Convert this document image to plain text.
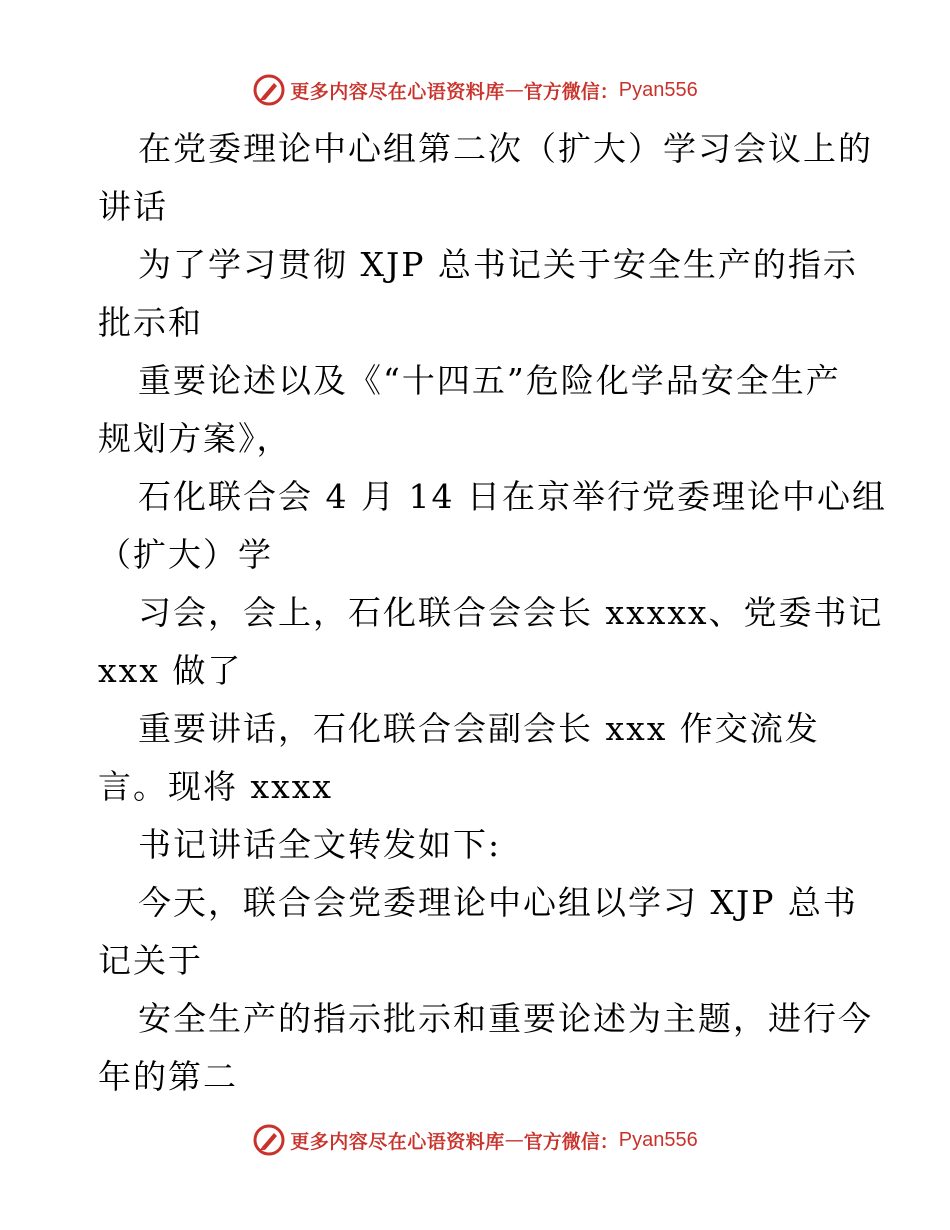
更多内容尽在心语资料库 — 官方微信： Pyan556
在党委理论中心组第二次（扩大）学习会议上的
讲话
为了学习贯彻 XJP 总书记关于安全生产的指示
批示和
重要论述以及《“十四五”危险化学品安全生产
规划方案》，
石化联合会 4 月 14 日在京举行党委理论中心组
（扩大）学
习会，会上，石化联合会会长 xxxxx、党委书记
xxx 做了
重要讲话，石化联合会副会长 xxx 作交流发
言。现将 xxxx
书记讲话全文转发如下:
今天，联合会党委理论中心组以学习 XJP 总书
记关于
安全生产的指示批示和重要论述为主题，进行今
年的第二
更多内容尽在心语资料库 — 官方微信： Pyan556
